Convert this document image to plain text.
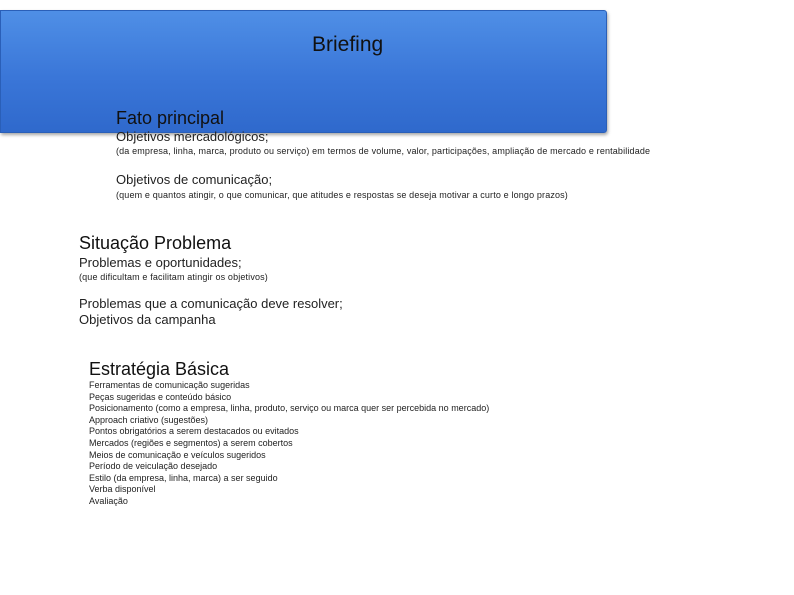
Briefing
Fato principal
Objetivos mercadológicos;
(da empresa, linha, marca, produto ou serviço) em termos de volume, valor, participações, ampliação de mercado e rentabilidade
Objetivos de comunicação;
(quem e quantos atingir, o que comunicar, que atitudes e respostas se deseja motivar a curto e longo prazos)
Situação Problema
Problemas e oportunidades;
(que dificultam e facilitam atingir os objetivos)
Problemas que a comunicação deve resolver;
Objetivos da campanha
Estratégia Básica
Ferramentas de comunicação sugeridas
Peças sugeridas e conteúdo básico
Posicionamento (como a empresa, linha, produto, serviço ou marca quer ser percebida no mercado)
Approach criativo (sugestões)
Pontos obrigatórios a serem destacados ou evitados
Mercados (regiões e segmentos) a serem cobertos
Meios de comunicação e veículos sugeridos
Período de veiculação desejado
Estilo (da empresa, linha, marca) a ser seguido
Verba disponível
Avaliação
